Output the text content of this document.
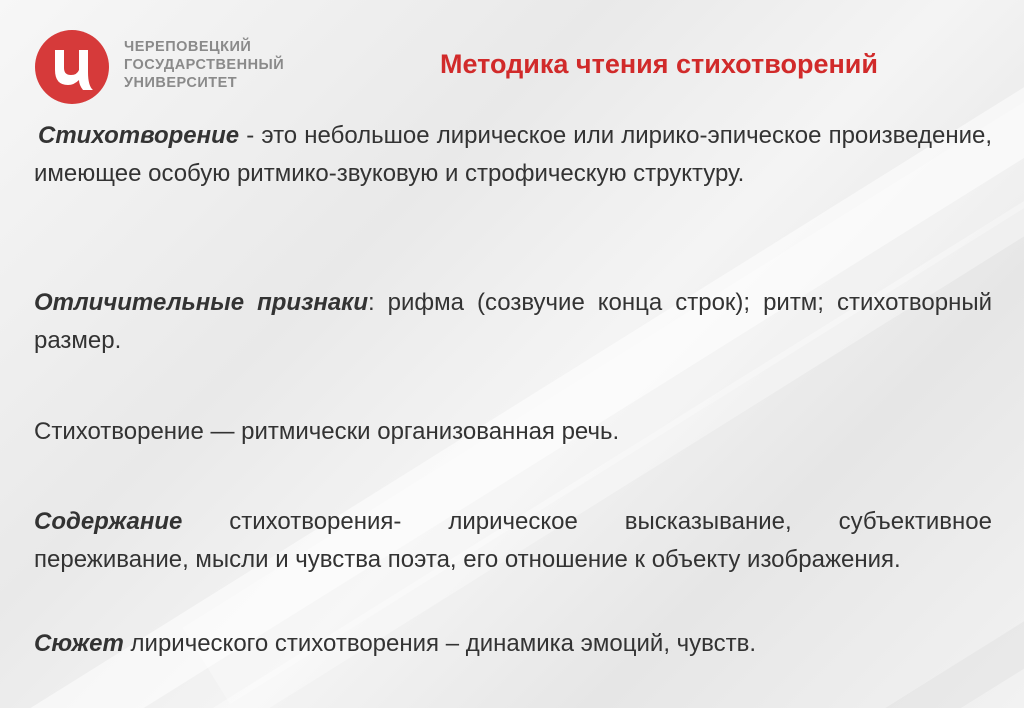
ЧЕРЕПОВЕЦКИЙ
ГОСУДАРСТВЕННЫЙ
УНИВЕРСИТЕТ
Методика чтения стихотворений
Стихотворение - это небольшое лирическое или лирико-эпическое произведение, имеющее особую ритмико-звуковую и строфическую структуру.
Отличительные признаки: рифма (созвучие конца строк); ритм; стихотворный размер.
Стихотворение — ритмически организованная речь.
Содержание стихотворения- лирическое высказывание, субъективное переживание, мысли и чувства поэта, его отношение к объекту изображения.
Сюжет лирического стихотворения – динамика эмоций, чувств.
